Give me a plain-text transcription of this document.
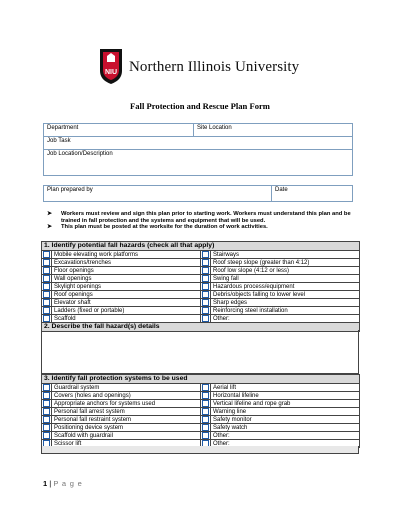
NIU Northern Illinois University
Fall Protection and Rescue Plan Form
Department	Site Location
Job Task
Job Location/Description
Plan prepared by	Date
➤	Workers must review and sign this plan prior to starting work. Workers must understand this plan and be trained in fall protection and the systems and equipment that will be used.
➤	This plan must be posted at the worksite for the duration of work activities.
1. Identify potential fall hazards (check all that apply)			

	Mobile elevating work platforms		Stairways

	Excavations/trenches		Roof steep slope (greater than 4:12)

	Floor openings		Roof low slope (4:12 or less)

	Wall openings		Swing fall

	Skylight openings		Hazardous process/equipment

	Roof openings		Debris/objects falling to lower level

	Elevator shaft		Sharp edges

	Ladders (fixed or portable)		Reinforcing steel installation

	Scaffold		Other:
2. Describe the fall hazard(s) details			
3. Identify fall protection systems to be used			

	Guardrail system		Aerial lift

	Covers (holes and openings)		Horizontal lifeline

	Appropriate anchors for systems used		Vertical lifeline and rope grab

	Personal fall arrest system		Warning line

	Personal fall restraint system		Safety monitor

	Positioning device system		Safety watch

	Scaffold with guardrail		Other:

	Scissor lift		Other:
1 | P a g e
